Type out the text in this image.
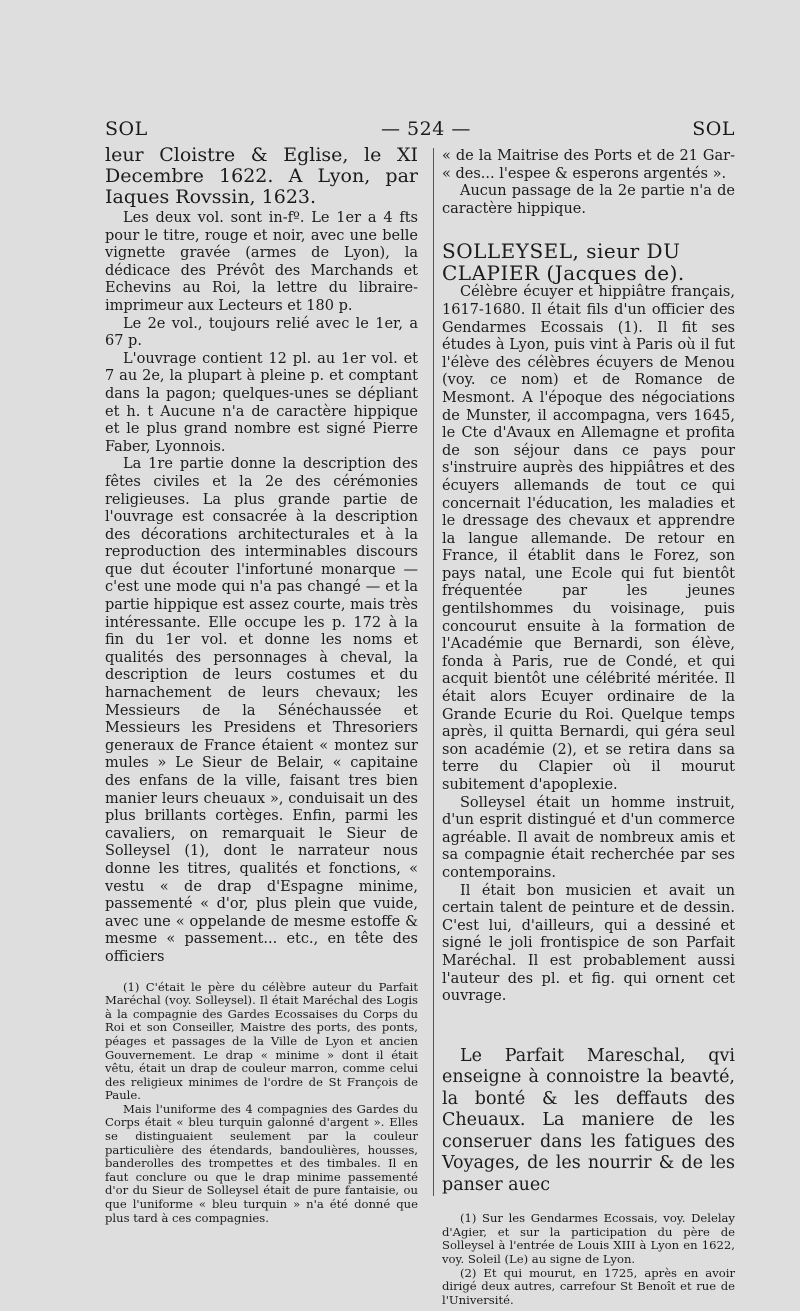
SOL	— 524 —	SOL

leur Cloistre & Eglise, le XI Decembre 1622. A Lyon, par Iaques Rovssin, 1623.

Les deux vol. sont in-fº. Le 1er a 4 fts pour le titre, rouge et noir, avec une belle vignette gravée (armes de Lyon), la dédicace des Prévôt des Marchands et Echevins au Roi, la lettre du libraire-imprimeur aux Lecteurs et 180 p.

Le 2e vol., toujours relié avec le 1er, a 67 p.

L'ouvrage contient 12 pl. au 1er vol. et 7 au 2e, la plupart à pleine p. et comptant dans la pagon; quelques-unes se dépliant et h. t Aucune n'a de caractère hippique et le plus grand nombre est signé Pierre Faber, Lyonnois.

La 1re partie donne la description des fêtes civiles et la 2e des cérémonies religieuses. La plus grande partie de l'ouvrage est consacrée à la description des décorations architecturales et à la reproduction des interminables discours que dut écouter l'infortuné monarque — c'est une mode qui n'a pas changé — et la partie hippique est assez courte, mais très intéressante. Elle occupe les p. 172 à la fin du 1er vol. et donne les noms et qualités des personnages à cheval, la description de leurs costumes et du harnachement de leurs chevaux; les Messieurs de la Sénéchaussée et Messieurs les Presidens et Thresoriers generaux de France étaient « montez sur mules » Le Sieur de Belair, « capitaine des enfans de la ville, faisant tres bien manier leurs cheuaux », conduisait un des plus brillants cortèges. Enfin, parmi les cavaliers, on remarquait le Sieur de Solleysel (1), dont le narrateur nous donne les titres, qualités et fonctions, « vestu « de drap d'Espagne minime, passementé « d'or, plus plein que vuide, avec une « oppelande de mesme estoffe & mesme « passement... etc., en tête des officiers

(1) C'était le père du célèbre auteur du Parfait Maréchal (voy. Solleysel). Il était Maréchal des Logis à la compagnie des Gardes Ecossaises du Corps du Roi et son Conseiller, Maistre des ports, des ponts, péages et passages de la Ville de Lyon et ancien Gouvernement. Le drap « minime » dont il était vêtu, était un drap de couleur marron, comme celui des religieux minimes de l'ordre de St François de Paule.

Mais l'uniforme des 4 compagnies des Gardes du Corps était « bleu turquin galonné d'argent ». Elles se distinguaient seulement par la couleur particulière des étendards, bandoulières, housses, banderolles des trompettes et des timbales. Il en faut conclure ou que le drap minime passementé d'or du Sieur de Solleysel était de pure fantaisie, ou que l'uniforme « bleu turquin » n'a été donné que plus tard à ces compagnies.

« de la Maitrise des Ports et de 21 Gar- « des... l'espee & esperons argentés ».

Aucun passage de la 2e partie n'a de caractère hippique.

SOLLEYSEL, sieur DU CLAPIER (Jacques de).

Célèbre écuyer et hippiâtre français, 1617-1680. Il était fils d'un officier des Gendarmes Ecossais (1). Il fit ses études à Lyon, puis vint à Paris où il fut l'élève des célèbres écuyers de Menou (voy. ce nom) et de Romance de Mesmont. A l'époque des négociations de Munster, il accompagna, vers 1645, le Cte d'Avaux en Allemagne et profita de son séjour dans ce pays pour s'instruire auprès des hippiâtres et des écuyers allemands de tout ce qui concernait l'éducation, les maladies et le dressage des chevaux et apprendre la langue allemande. De retour en France, il établit dans le Forez, son pays natal, une Ecole qui fut bientôt fréquentée par les jeunes gentilshommes du voisinage, puis concourut ensuite à la formation de l'Académie que Bernardi, son élève, fonda à Paris, rue de Condé, et qui acquit bientôt une célébrité méritée. Il était alors Ecuyer ordinaire de la Grande Ecurie du Roi. Quelque temps après, il quitta Bernardi, qui géra seul son académie (2), et se retira dans sa terre du Clapier où il mourut subitement d'apoplexie.

Solleysel était un homme instruit, d'un esprit distingué et d'un commerce agréable. Il avait de nombreux amis et sa compagnie était recherchée par ses contemporains.

Il était bon musicien et avait un certain talent de peinture et de dessin. C'est lui, d'ailleurs, qui a dessiné et signé le joli frontispice de son Parfait Maréchal. Il est probablement aussi l'auteur des pl. et fig. qui ornent cet ouvrage.

Le Parfait Mareschal, qvi enseigne à connoistre la beavté, la bonté & les deffauts des Cheuaux. La maniere de les conseruer dans les fatigues des Voyages, de les nourrir & de les panser auec

(1) Sur les Gendarmes Ecossais, voy. Delelay d'Agier, et sur la participation du père de Solleysel à l'entrée de Louis XIII à Lyon en 1622, voy. Soleil (Le) au signe de Lyon.

(2) Et qui mourut, en 1725, après en avoir dirigé deux autres, carrefour St Benoît et rue de l'Université.
